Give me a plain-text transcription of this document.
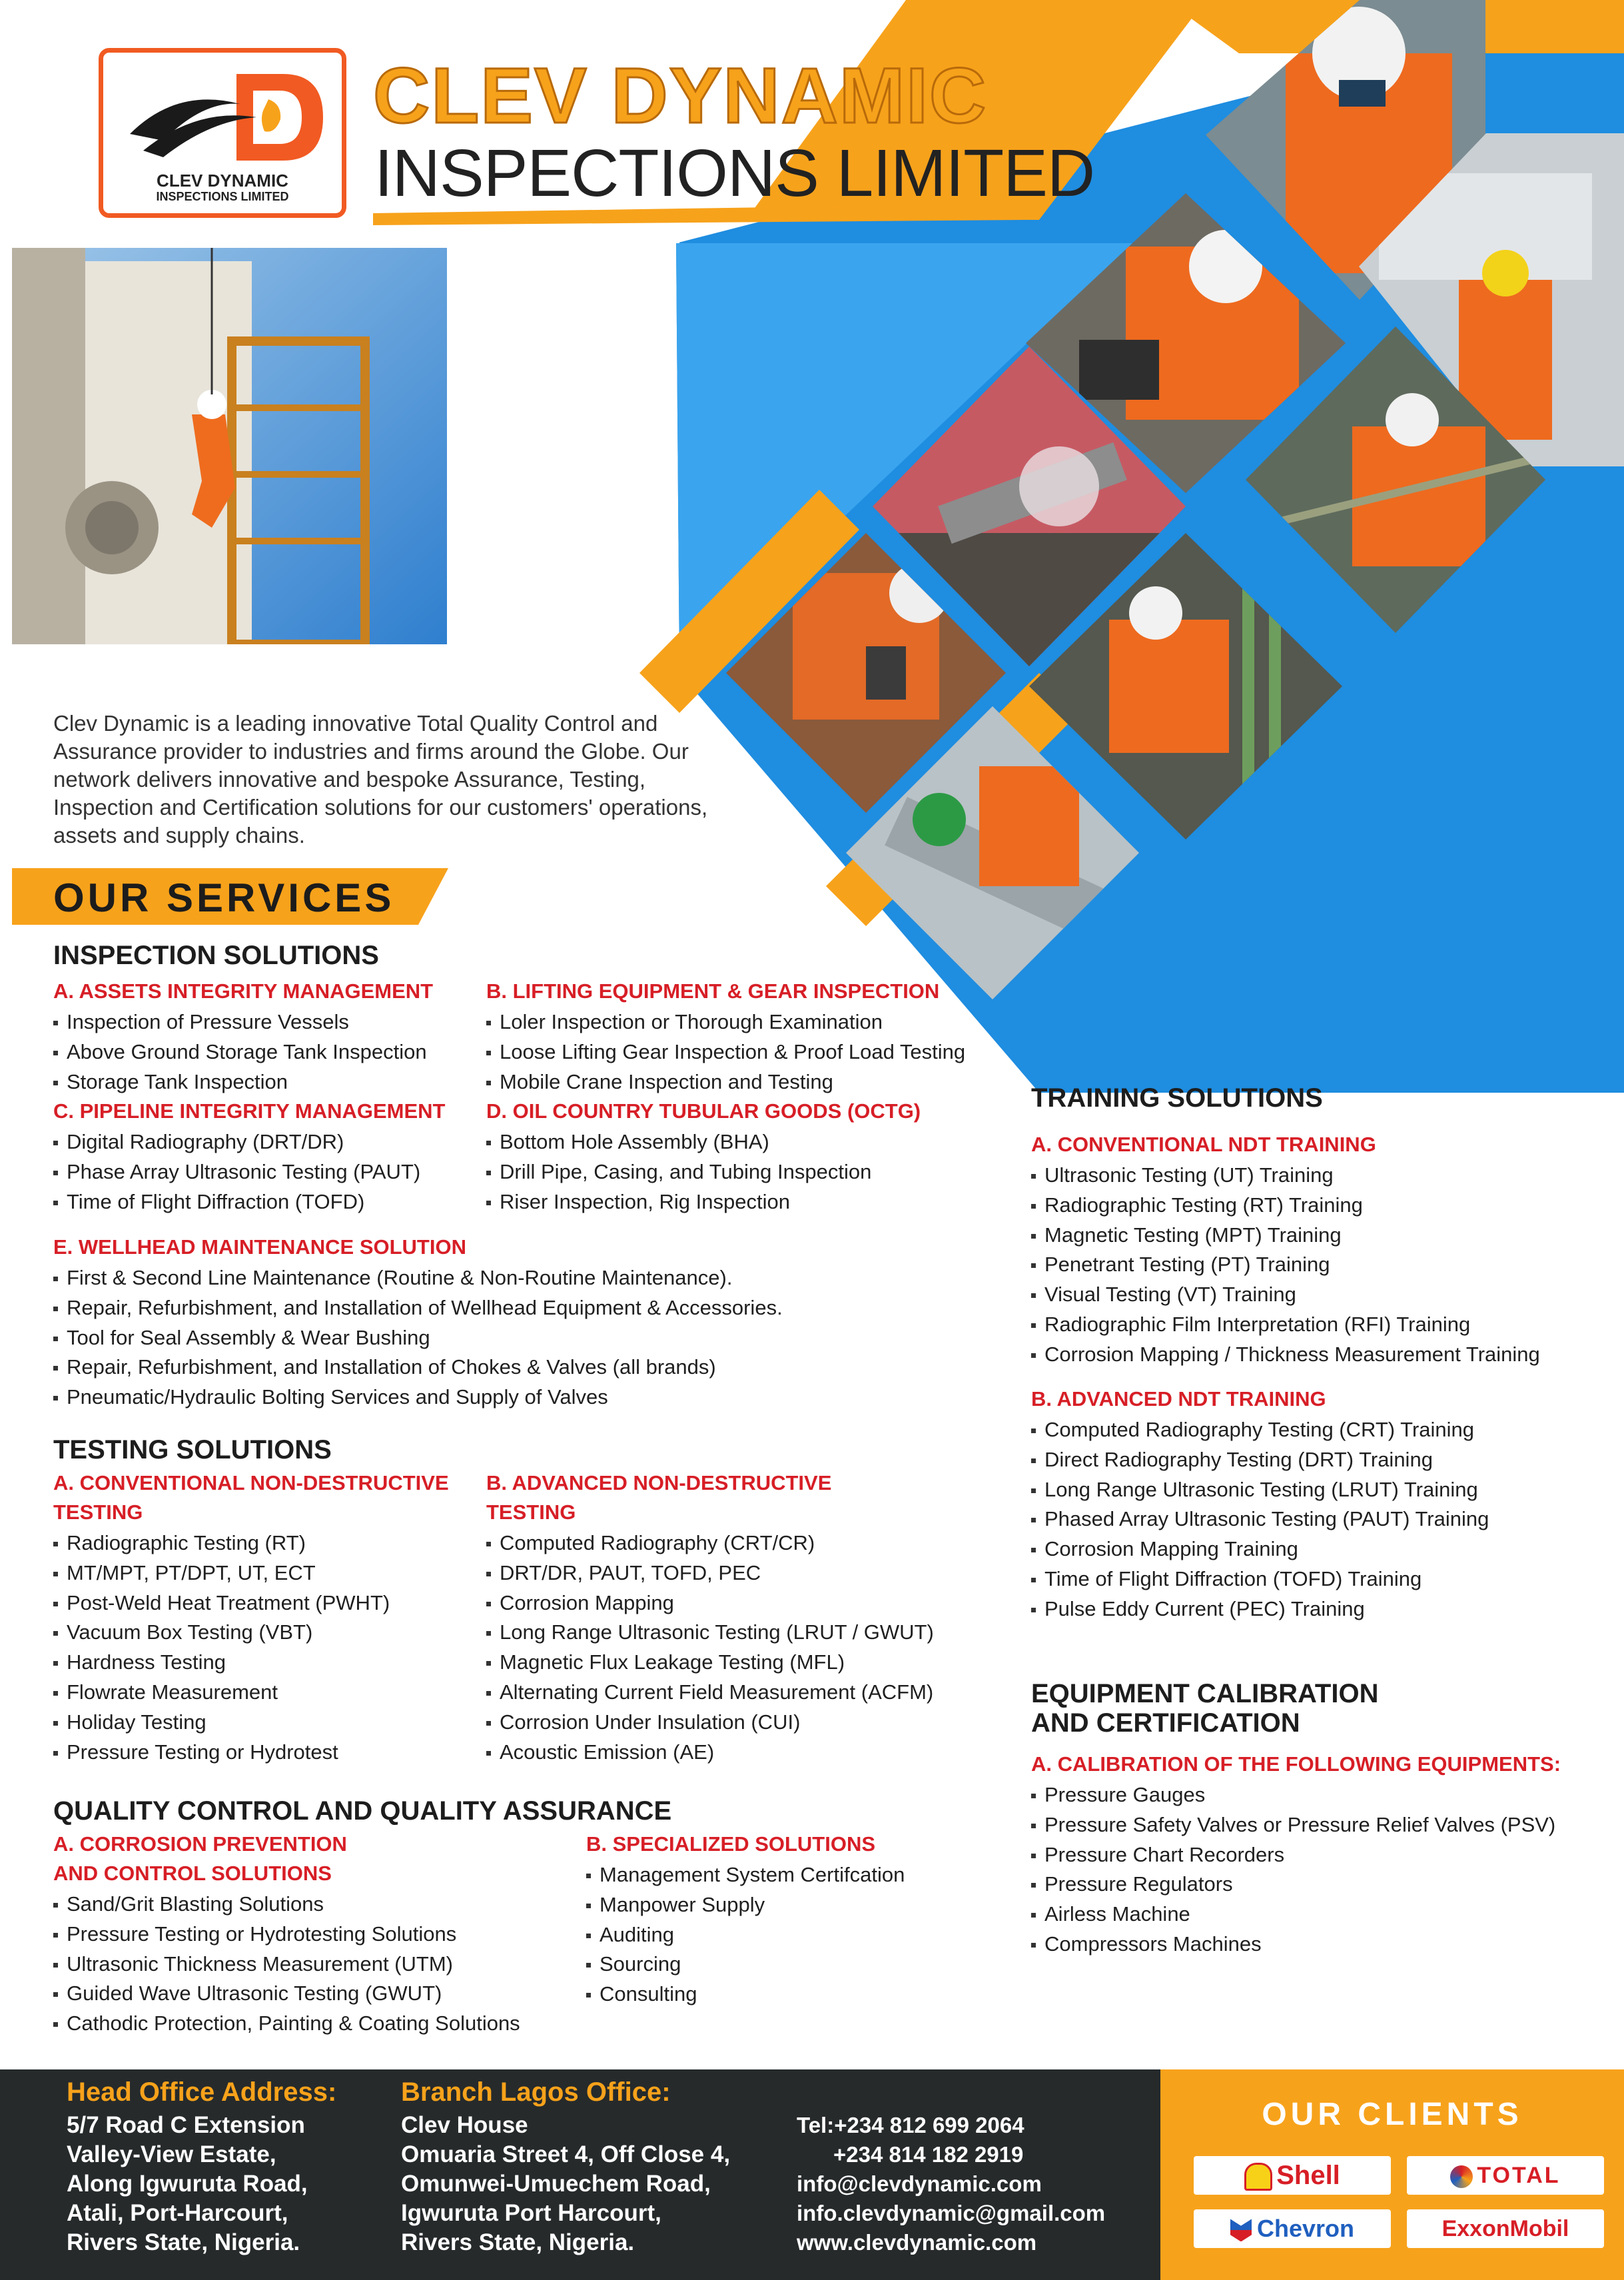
CLEV DYNAMIC
INSPECTIONS LIMITED
CLEV DYNAMIC
INSPECTIONS LIMITED
Clev Dynamic is a leading innovative Total Quality Control and Assurance provider to industries and firms around the Globe. Our network delivers innovative and bespoke Assurance, Testing, Inspection and Certification solutions for our customers' operations, assets and supply chains.
OUR SERVICES
INSPECTION SOLUTIONS
A. ASSETS INTEGRITY MANAGEMENT
Inspection of Pressure Vessels
Above Ground Storage Tank Inspection
Storage Tank Inspection
B. LIFTING EQUIPMENT & GEAR INSPECTION
Loler Inspection or Thorough Examination
Loose Lifting Gear Inspection & Proof Load Testing
Mobile Crane Inspection and Testing
C. PIPELINE INTEGRITY MANAGEMENT
Digital Radiography (DRT/DR)
Phase Array Ultrasonic Testing (PAUT)
Time of Flight Diffraction (TOFD)
D. OIL COUNTRY TUBULAR GOODS (OCTG)
Bottom Hole Assembly (BHA)
Drill Pipe, Casing, and Tubing Inspection
Riser Inspection, Rig Inspection
E. WELLHEAD MAINTENANCE SOLUTION
First & Second Line Maintenance (Routine & Non-Routine Maintenance).
Repair, Refurbishment, and Installation of Wellhead Equipment & Accessories.
Tool for Seal Assembly & Wear Bushing
Repair, Refurbishment, and Installation of Chokes & Valves (all brands)
Pneumatic/Hydraulic Bolting Services and Supply of Valves
TESTING SOLUTIONS
A. CONVENTIONAL NON-DESTRUCTIVE
TESTING
Radiographic Testing (RT)
MT/MPT, PT/DPT, UT, ECT
Post-Weld Heat Treatment (PWHT)
Vacuum Box Testing (VBT)
Hardness Testing
Flowrate Measurement
Holiday Testing
Pressure Testing or Hydrotest
B. ADVANCED NON-DESTRUCTIVE
TESTING
Computed Radiography (CRT/CR)
DRT/DR, PAUT, TOFD, PEC
Corrosion Mapping
Long Range Ultrasonic Testing (LRUT / GWUT)
Magnetic Flux Leakage Testing (MFL)
Alternating Current Field Measurement (ACFM)
Corrosion Under Insulation (CUI)
Acoustic Emission (AE)
QUALITY CONTROL AND QUALITY ASSURANCE
A. CORROSION PREVENTION
AND CONTROL SOLUTIONS
Sand/Grit Blasting Solutions
Pressure Testing or Hydrotesting Solutions
Ultrasonic Thickness Measurement (UTM)
Guided Wave Ultrasonic Testing (GWUT)
Cathodic Protection, Painting & Coating Solutions
B. SPECIALIZED SOLUTIONS
Management System Certifcation
Manpower Supply
Auditing
Sourcing
Consulting
TRAINING SOLUTIONS
A. CONVENTIONAL NDT TRAINING
Ultrasonic Testing (UT) Training
Radiographic Testing (RT) Training
Magnetic Testing (MPT) Training
Penetrant Testing (PT) Training
Visual Testing (VT) Training
Radiographic Film Interpretation (RFI) Training
Corrosion Mapping / Thickness Measurement Training
B. ADVANCED NDT TRAINING
Computed Radiography Testing (CRT) Training
Direct Radiography Testing (DRT) Training
Long Range Ultrasonic Testing (LRUT) Training
Phased Array Ultrasonic Testing (PAUT) Training
Corrosion Mapping Training
Time of Flight Diffraction (TOFD) Training
Pulse Eddy Current (PEC) Training
EQUIPMENT CALIBRATION
AND CERTIFICATION
A. CALIBRATION OF THE FOLLOWING EQUIPMENTS:
Pressure Gauges
Pressure Safety Valves or Pressure Relief Valves (PSV)
Pressure Chart Recorders
Pressure Regulators
Airless Machine
Compressors Machines
Head Office Address:
5/7 Road C Extension
Valley-View Estate,
Along Igwuruta Road,
Atali, Port-Harcourt,
Rivers State, Nigeria.
Branch Lagos Office:
Clev House
Omuaria Street 4, Off Close 4,
Omunwei-Umuechem Road,
Igwuruta Port Harcourt,
Rivers State, Nigeria.
Tel:+234 812 699 2064
+234 814 182 2919
info@clevdynamic.com
info.clevdynamic@gmail.com
www.clevdynamic.com
OUR CLIENTS
Shell	TOTAL
Chevron	ExxonMobil
